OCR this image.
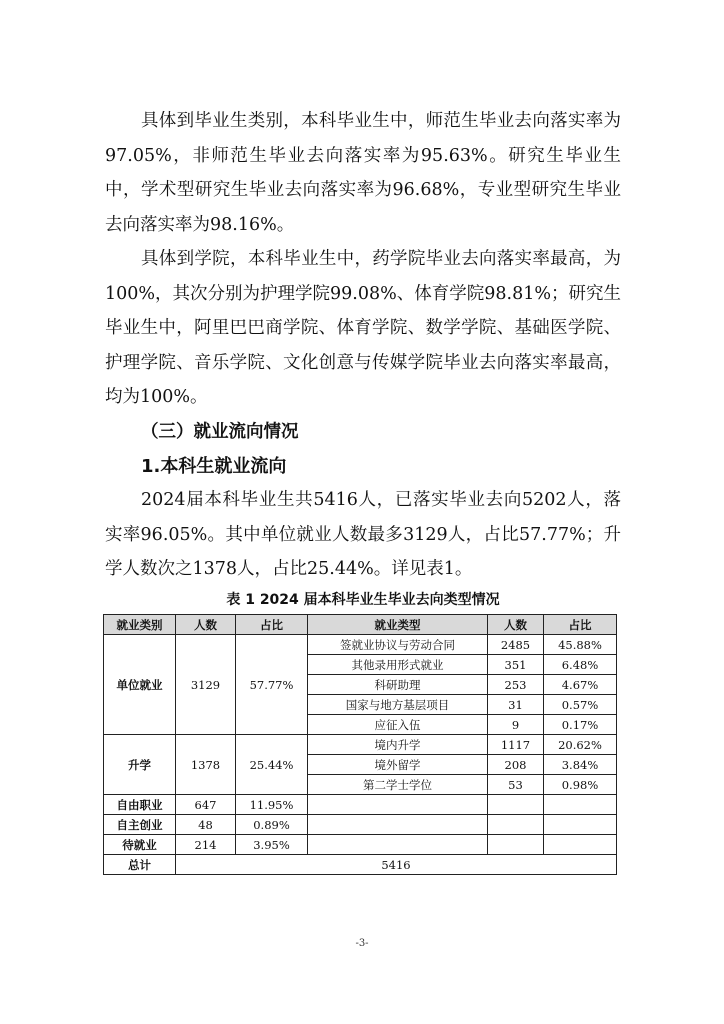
具体到毕业生类别，本科毕业生中，师范生毕业去向落实率为97.05%，非师范生毕业去向落实率为95.63%。研究生毕业生中，学术型研究生毕业去向落实率为96.68%，专业型研究生毕业去向落实率为98.16%。

具体到学院，本科毕业生中，药学院毕业去向落实率最高，为100%，其次分别为护理学院99.08%、体育学院98.81%；研究生毕业生中，阿里巴巴商学院、体育学院、数学学院、基础医学院、护理学院、音乐学院、文化创意与传媒学院毕业去向落实率最高，均为100%。

（三）就业流向情况
1.本科生就业流向

2024届本科毕业生共5416人，已落实毕业去向5202人，落实率96.05%。其中单位就业人数最多3129人，占比57.77%；升学人数次之1378人，占比25.44%。详见表1。

表 1 2024 届本科毕业生毕业去向类型情况
就业类别	人数	占比	就业类型	人数	占比
单位就业	3129	57.77%	签就业协议与劳动合同	2485	45.88%
			其他录用形式就业	351	6.48%
			科研助理	253	4.67%
			国家与地方基层项目	31	0.57%
			应征入伍	9	0.17%
升学	1378	25.44%	境内升学	1117	20.62%
			境外留学	208	3.84%
			第二学士学位	53	0.98%
自由职业	647	11.95%			
自主创业	48	0.89%			
待就业	214	3.95%			
总计	5416				
-3-
